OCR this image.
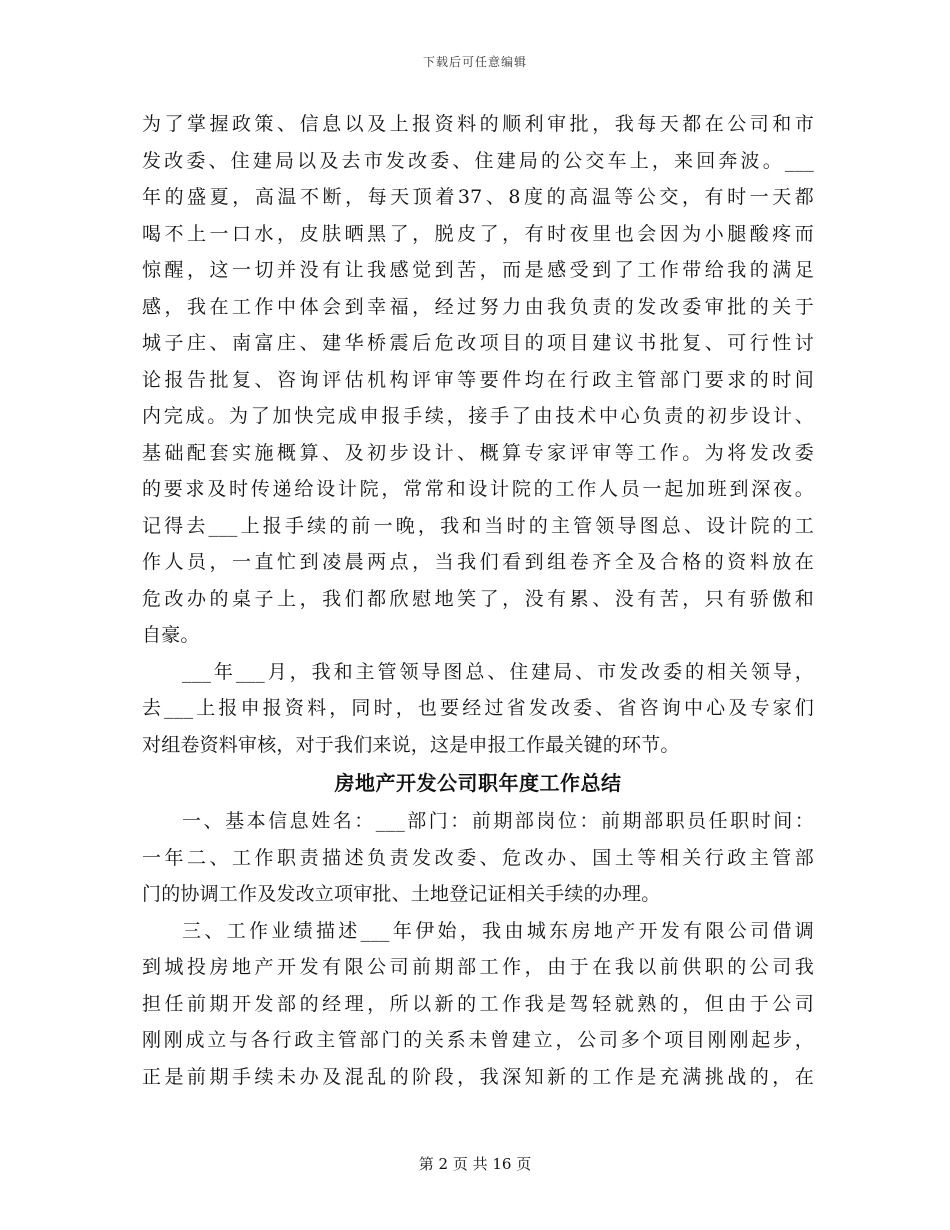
下载后可任意编辑
为了掌握政策、信息以及上报资料的顺利审批，我每天都在公司和市
发改委、住建局以及去市发改委、住建局的公交车上，来回奔波。___
年的盛夏，高温不断，每天顶着37、8度的高温等公交，有时一天都
喝不上一口水，皮肤晒黑了，脱皮了，有时夜里也会因为小腿酸疼而
惊醒，这一切并没有让我感觉到苦，而是感受到了工作带给我的满足
感，我在工作中体会到幸福，经过努力由我负责的发改委审批的关于
城子庄、南富庄、建华桥震后危改项目的项目建议书批复、可行性讨
论报告批复、咨询评估机构评审等要件均在行政主管部门要求的时间
内完成。为了加快完成申报手续，接手了由技术中心负责的初步设计、
基础配套实施概算、及初步设计、概算专家评审等工作。为将发改委
的要求及时传递给设计院，常常和设计院的工作人员一起加班到深夜。
记得去___上报手续的前一晚，我和当时的主管领导图总、设计院的工
作人员，一直忙到凌晨两点，当我们看到组卷齐全及合格的资料放在
危改办的桌子上，我们都欣慰地笑了，没有累、没有苦，只有骄傲和
自豪。
___年___月，我和主管领导图总、住建局、市发改委的相关领导，
去___上报申报资料，同时，也要经过省发改委、省咨询中心及专家们
对组卷资料审核，对于我们来说，这是申报工作最关键的环节。
房地产开发公司职年度工作总结
一、基本信息姓名：___部门：前期部岗位：前期部职员任职时间：
一年二、工作职责描述负责发改委、危改办、国土等相关行政主管部
门的协调工作及发改立项审批、土地登记证相关手续的办理。
三、工作业绩描述___年伊始，我由城东房地产开发有限公司借调
到城投房地产开发有限公司前期部工作，由于在我以前供职的公司我
担任前期开发部的经理，所以新的工作我是驾轻就熟的，但由于公司
刚刚成立与各行政主管部门的关系未曾建立，公司多个项目刚刚起步，
正是前期手续未办及混乱的阶段，我深知新的工作是充满挑战的，在
第 2 页 共 16 页
